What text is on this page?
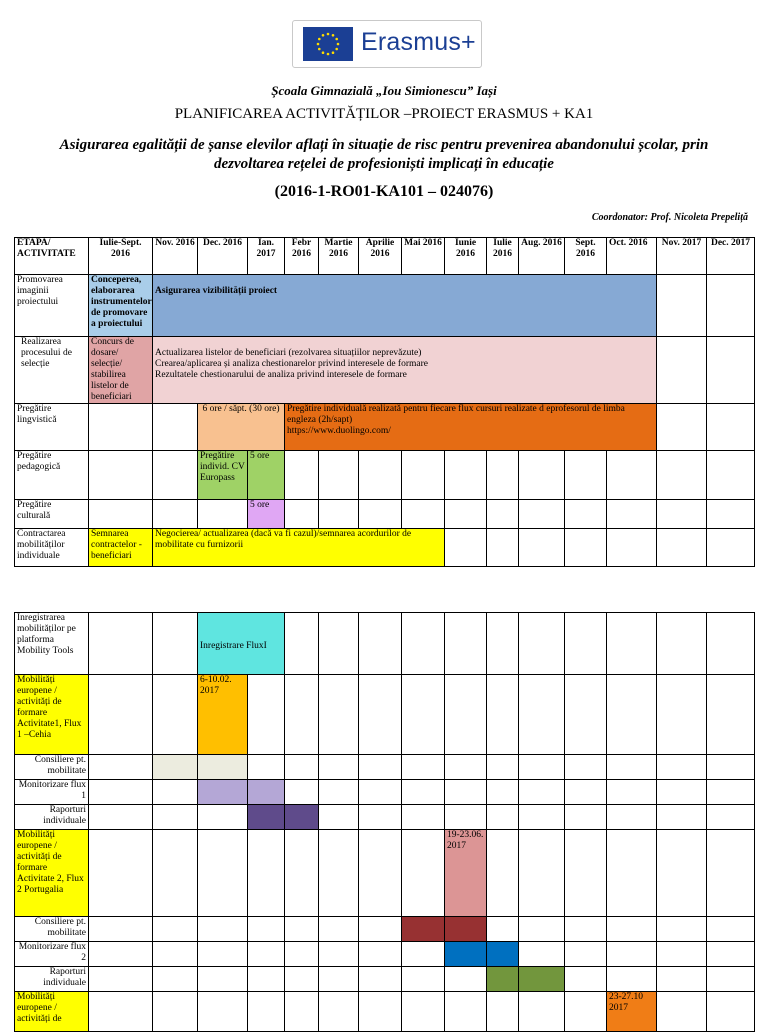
Erasmus+
Școala Gimnazială „Iou Simionescu” Iași
PLANIFICAREA ACTIVITĂȚILOR –PROIECT ERASMUS + KA1
Asigurarea egalității de șanse elevilor aflați în situație de risc pentru prevenirea abandonului școlar, prin dezvoltarea rețelei de profesioniști implicați în educație
(2016-1-RO01-KA101 – 024076)
Coordonator: Prof. Nicoleta Prepeliță
ETAPA/ ACTIVITATE	Iulie-Sept. 2016	Nov. 2016	Dec. 2016	Ian. 2017	Febr 2016	Martie 2016	Aprilie 2016	Mai 2016	Iunie 2016	Iulie 2016	Aug. 2016	Sept. 2016	Oct. 2016	Nov. 2017	Dec. 2017
Promovarea imaginii proiectului	Conceperea, elaborarea instrumentelor de promovare a proiectului	Asigurarea vizibilității proiect													
Realizarea procesului de selecție	Concurs de dosare/ selecție/ stabilirea listelor de beneficiari	Actualizarea listelor de beneficiari (rezolvarea situațiilor neprevăzute)
Crearea/aplicarea și analiza chestionarelor privind interesele de formare
Rezultatele chestionarului de analiza privind interesele de formare													

Pregătire lingvistică			6 ore / săpt. (30 ore)		Pregătire individuală realizată pentru fiecare flux cursuri realizate d eprofesorul de limba engleza (2h/sapt)
https://www.duolingo.com/										

Pregătire pedagogică			Pregătire individ. CV Europass	5 ore											
Pregătire culturală				5 ore											
Contractarea mobilităților individuale	Semnarea contractelor - beneficiari	Negocierea/ actualizarea (dacă va fi cazul)/semnarea acordurilor de mobilitate cu furnizorii													
Inregistrarea mobilităților pe platforma Mobility Tools			Inregistrare FluxI												
Mobilități europene / activități de formare Activitate1, Flux 1 –Cehia			6-10.02. 2017												
Consiliere pt. mobilitate															
Monitorizare flux 1															
Raporturi individuale															
Mobilități europene / activități de formare Activitate 2, Flux 2 Portugalia									19-23.06. 2017						
Consiliere pt. mobilitate															
Monitorizare flux 2															
Raporturi individuale															
Mobilități europene / activități de													23-27.10 2017		
